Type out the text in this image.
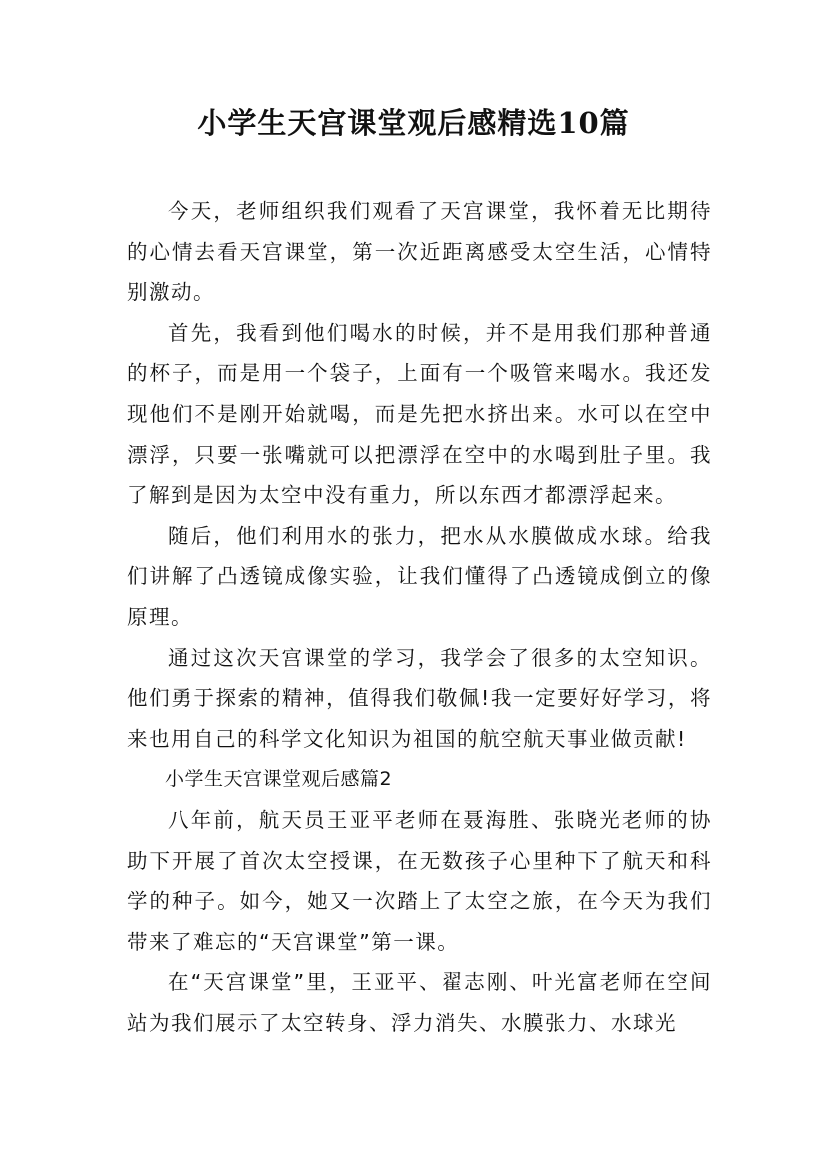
小学生天宫课堂观后感精选10篇

今天，老师组织我们观看了天宫课堂，我怀着无比期待的心情去看天宫课堂，第一次近距离感受太空生活，心情特别激动。

首先，我看到他们喝水的时候，并不是用我们那种普通的杯子，而是用一个袋子，上面有一个吸管来喝水。我还发现他们不是刚开始就喝，而是先把水挤出来。水可以在空中漂浮，只要一张嘴就可以把漂浮在空中的水喝到肚子里。我了解到是因为太空中没有重力，所以东西才都漂浮起来。

随后，他们利用水的张力，把水从水膜做成水球。给我们讲解了凸透镜成像实验，让我们懂得了凸透镜成倒立的像原理。

通过这次天宫课堂的学习，我学会了很多的太空知识。他们勇于探索的精神，值得我们敬佩!我一定要好好学习，将来也用自己的科学文化知识为祖国的航空航天事业做贡献!

小学生天宫课堂观后感篇2

八年前，航天员王亚平老师在聂海胜、张晓光老师的协助下开展了首次太空授课，在无数孩子心里种下了航天和科学的种子。如今，她又一次踏上了太空之旅，在今天为我们带来了难忘的“天宫课堂”第一课。

在“天宫课堂”里，王亚平、翟志刚、叶光富老师在空间站为我们展示了太空转身、浮力消失、水膜张力、水球光
